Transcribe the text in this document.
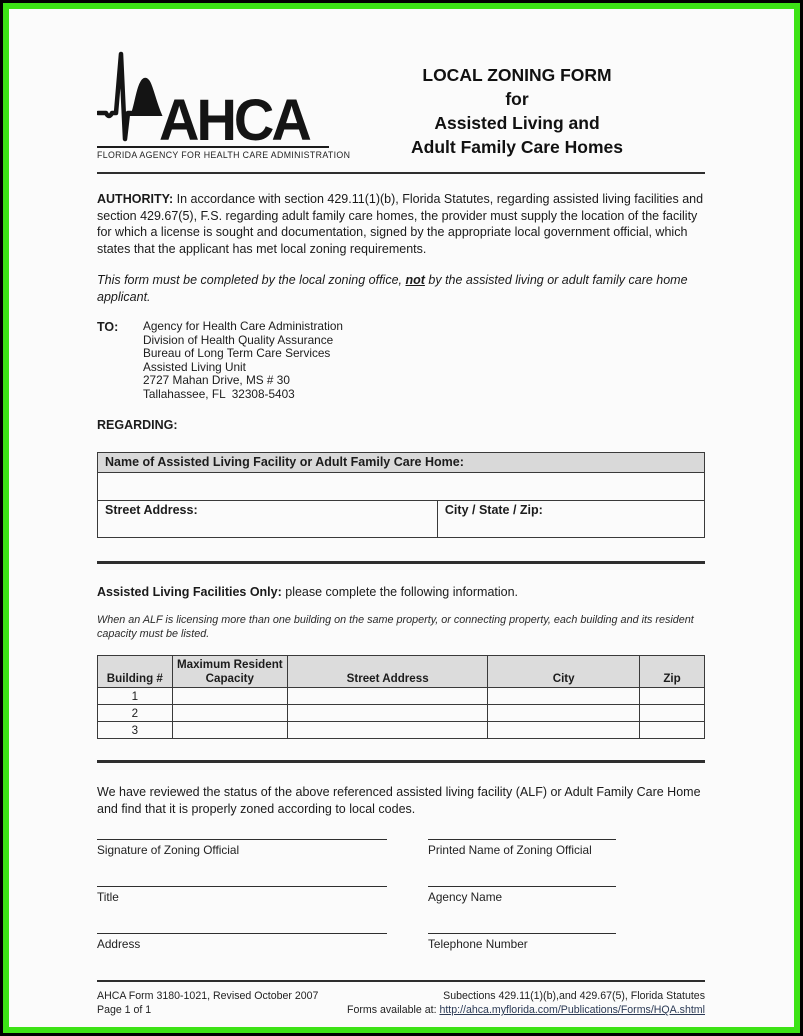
AHCA
FLORIDA AGENCY FOR HEALTH CARE ADMINISTRATION
LOCAL ZONING FORM
for
Assisted Living and
Adult Family Care Homes

AUTHORITY: In accordance with section 429.11(1)(b), Florida Statutes, regarding assisted living facilities and section 429.67(5), F.S. regarding adult family care homes, the provider must supply the location of the facility for which a license is sought and documentation, signed by the appropriate local government official, which states that the applicant has met local zoning requirements.

This form must be completed by the local zoning office, not by the assisted living or adult family care home applicant.

TO:	Agency for Health Care Administration
Division of Health Quality Assurance
Bureau of Long Term Care Services
Assisted Living Unit
2727 Mahan Drive, MS # 30
Tallahassee, FL  32308-5403
REGARDING:
Name of Assisted Living Facility or Adult Family Care Home:

Street Address:	City / State / Zip:

Assisted Living Facilities Only: please complete the following information.

When an ALF is licensing more than one building on the same property, or connecting property, each building and its resident capacity must be listed.

Building #	Maximum Resident Capacity	Street Address	City	Zip
1				
2				
3				

We have reviewed the status of the above referenced assisted living facility (ALF) or Adult Family Care Home and find that it is properly zoned according to local codes.

Signature of Zoning Official	Printed Name of Zoning Official
Title	Agency Name
Address	Telephone Number
AHCA Form 3180-1021, Revised October 2007
Page 1 of 1
Subections 429.11(1)(b),and 429.67(5), Florida Statutes
Forms available at: http://ahca.myflorida.com/Publications/Forms/HQA.shtml
